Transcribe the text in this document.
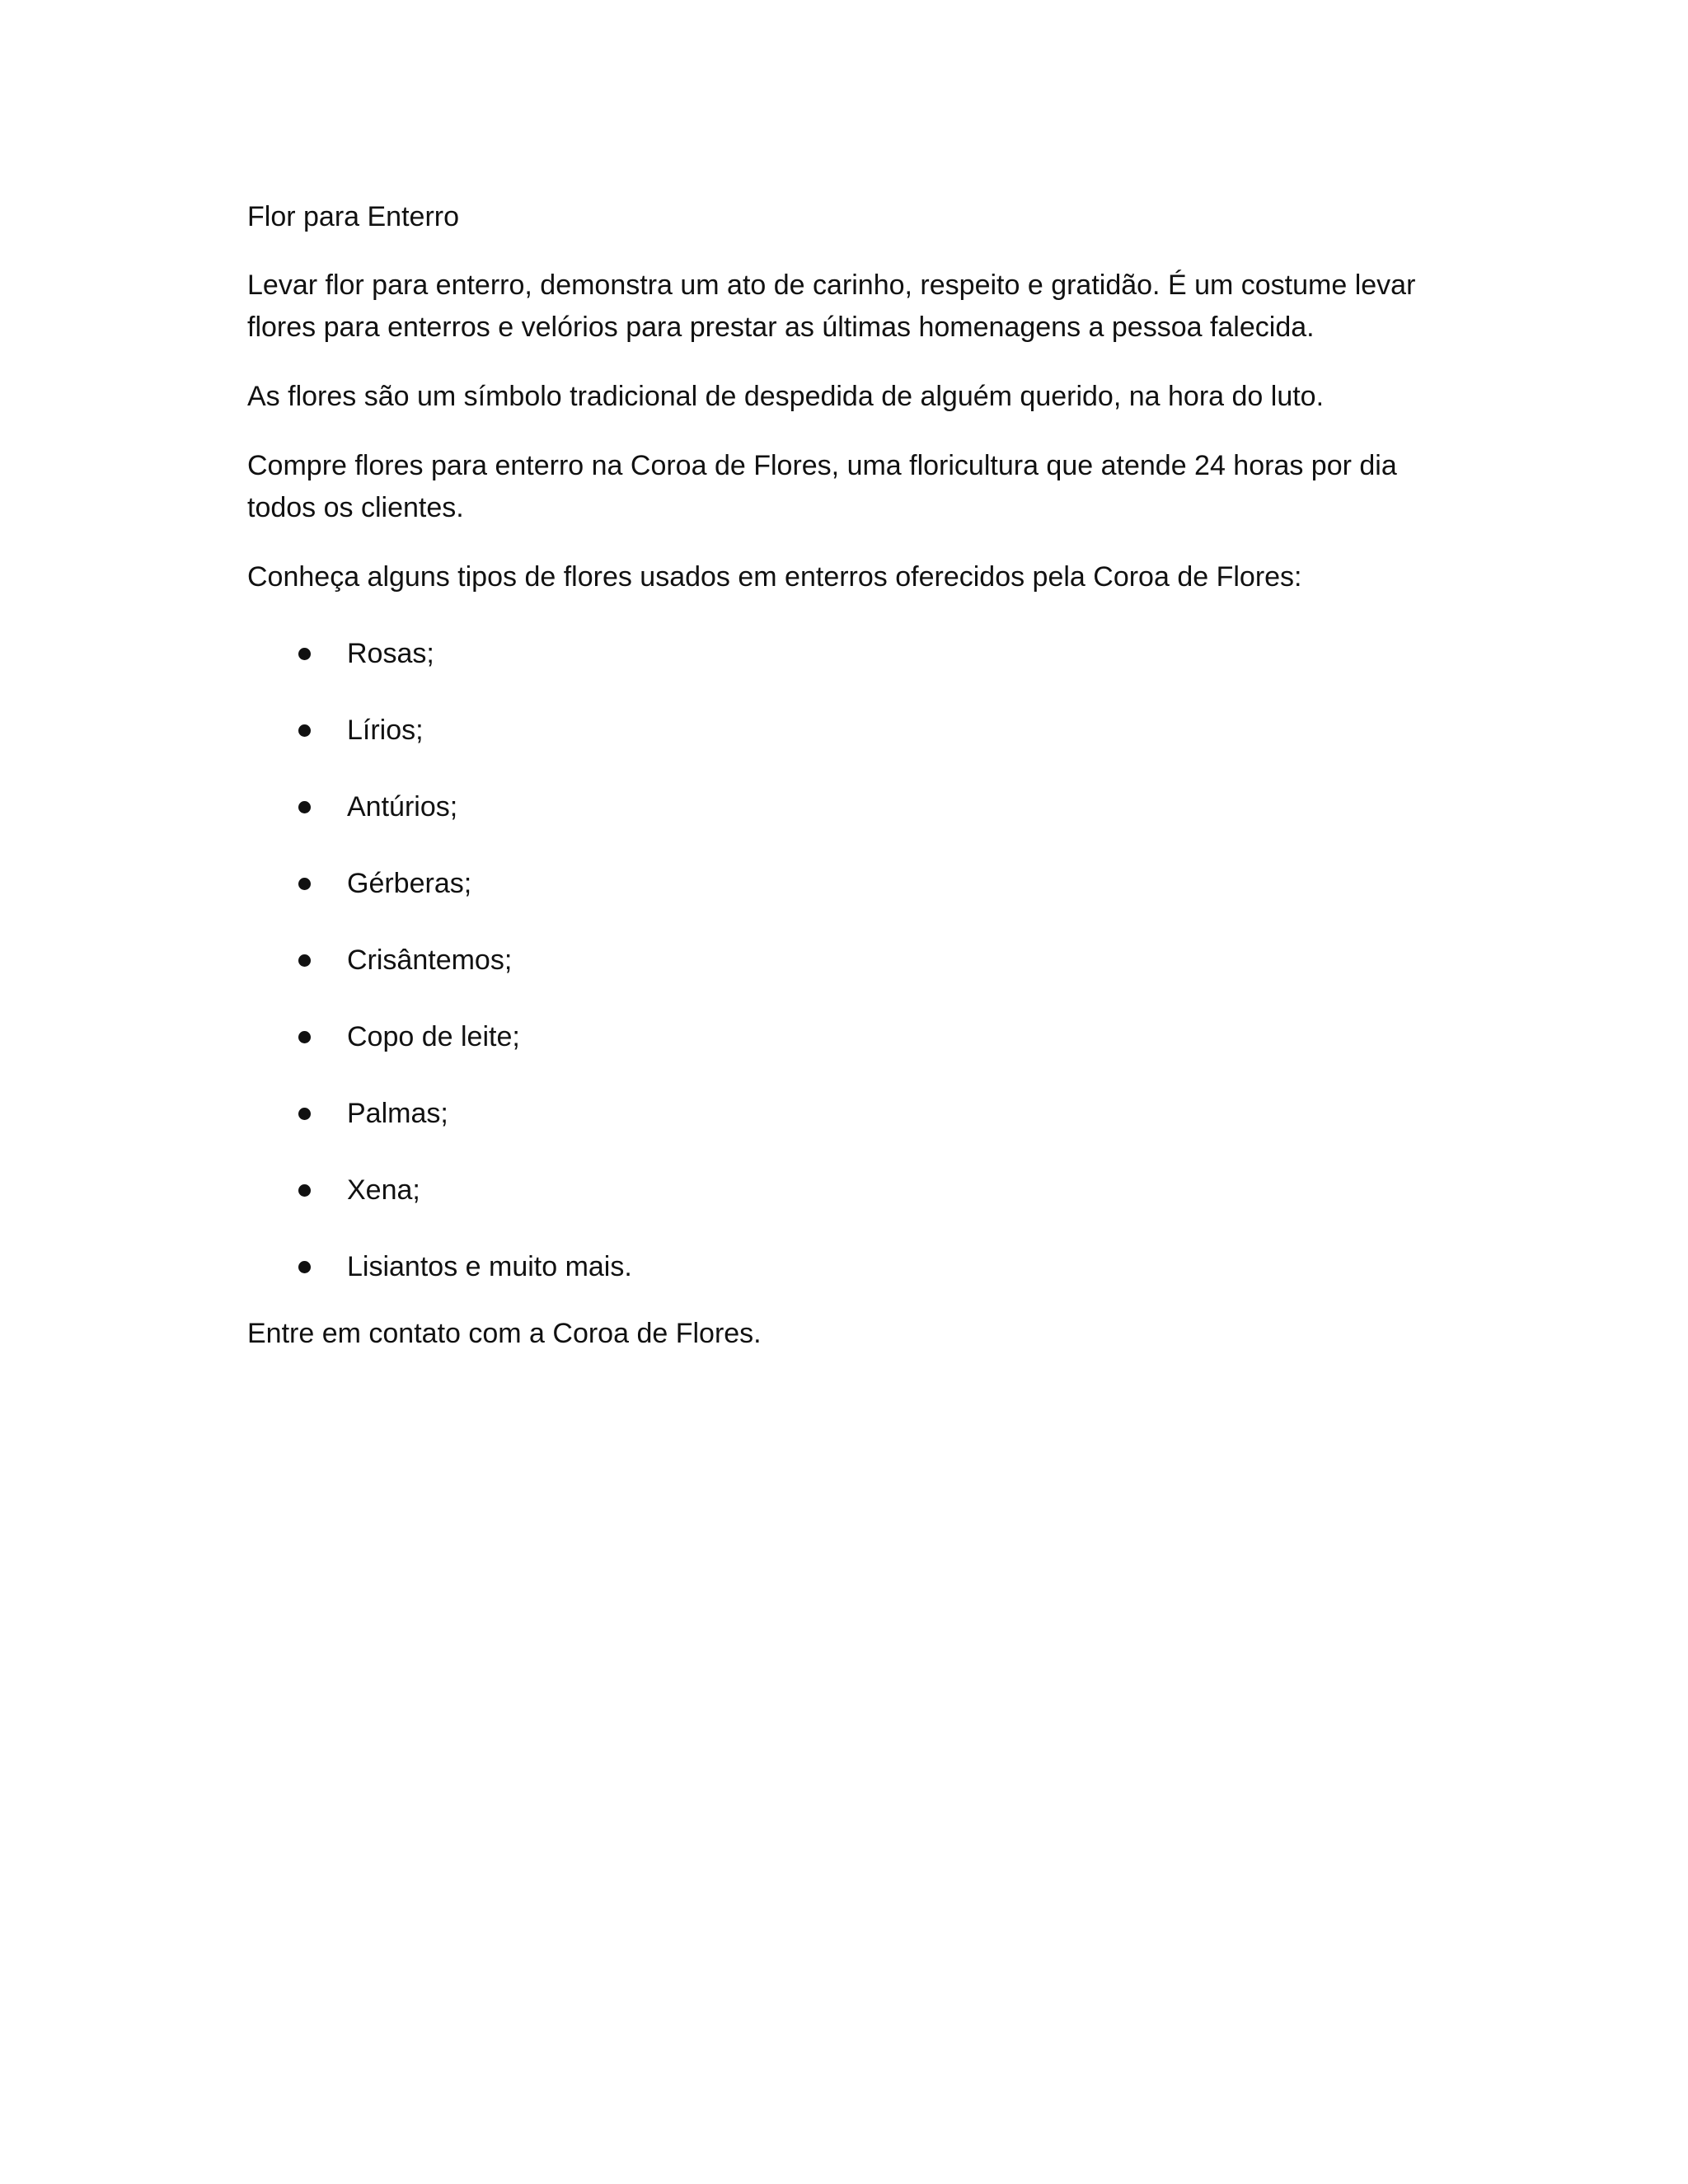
Flor para Enterro

Levar flor para enterro, demonstra um ato de carinho, respeito e gratidão. É um costume levar flores para enterros e velórios para prestar as últimas homenagens a pessoa falecida.

As flores são um símbolo tradicional de despedida de alguém querido, na hora do luto.

Compre flores para enterro na Coroa de Flores, uma floricultura que atende 24 horas por dia todos os clientes.

Conheça alguns tipos de flores usados em enterros oferecidos pela Coroa de Flores:

Rosas;
Lírios;
Antúrios;
Gérberas;
Crisântemos;
Copo de leite;
Palmas;
Xena;
Lisiantos e muito mais.

Entre em contato com a Coroa de Flores.
